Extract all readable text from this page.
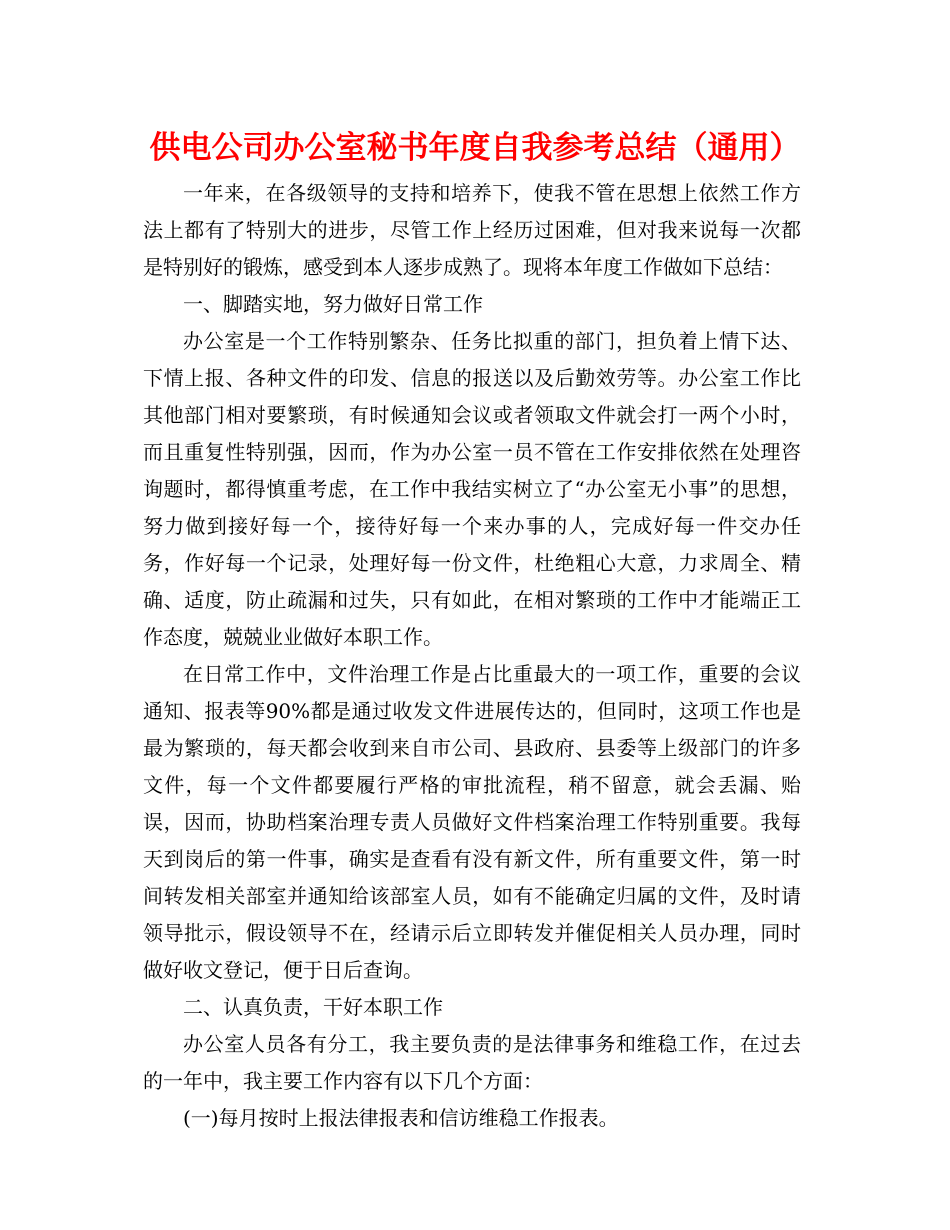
供电公司办公室秘书年度自我参考总结（通用）

一年来，在各级领导的支持和培养下，使我不管在思想上依然工作方法上都有了特别大的进步，尽管工作上经历过困难，但对我来说每一次都是特别好的锻炼，感受到本人逐步成熟了。现将本年度工作做如下总结：

一、脚踏实地，努力做好日常工作

办公室是一个工作特别繁杂、任务比拟重的部门，担负着上情下达、下情上报、各种文件的印发、信息的报送以及后勤效劳等。办公室工作比其他部门相对要繁琐，有时候通知会议或者领取文件就会打一两个小时，而且重复性特别强，因而，作为办公室一员不管在工作安排依然在处理咨询题时，都得慎重考虑，在工作中我结实树立了“办公室无小事”的思想，努力做到接好每一个，接待好每一个来办事的人，完成好每一件交办任务，作好每一个记录，处理好每一份文件，杜绝粗心大意，力求周全、精确、适度，防止疏漏和过失，只有如此，在相对繁琐的工作中才能端正工作态度，兢兢业业做好本职工作。

在日常工作中，文件治理工作是占比重最大的一项工作，重要的会议通知、报表等90%都是通过收发文件进展传达的，但同时，这项工作也是最为繁琐的，每天都会收到来自市公司、县政府、县委等上级部门的许多文件，每一个文件都要履行严格的审批流程，稍不留意，就会丢漏、贻误，因而，协助档案治理专责人员做好文件档案治理工作特别重要。我每天到岗后的第一件事，确实是查看有没有新文件，所有重要文件，第一时间转发相关部室并通知给该部室人员，如有不能确定归属的文件，及时请领导批示，假设领导不在，经请示后立即转发并催促相关人员办理，同时做好收文登记，便于日后查询。

二、认真负责，干好本职工作

办公室人员各有分工，我主要负责的是法律事务和维稳工作，在过去的一年中，我主要工作内容有以下几个方面：

(一)每月按时上报法律报表和信访维稳工作报表。
